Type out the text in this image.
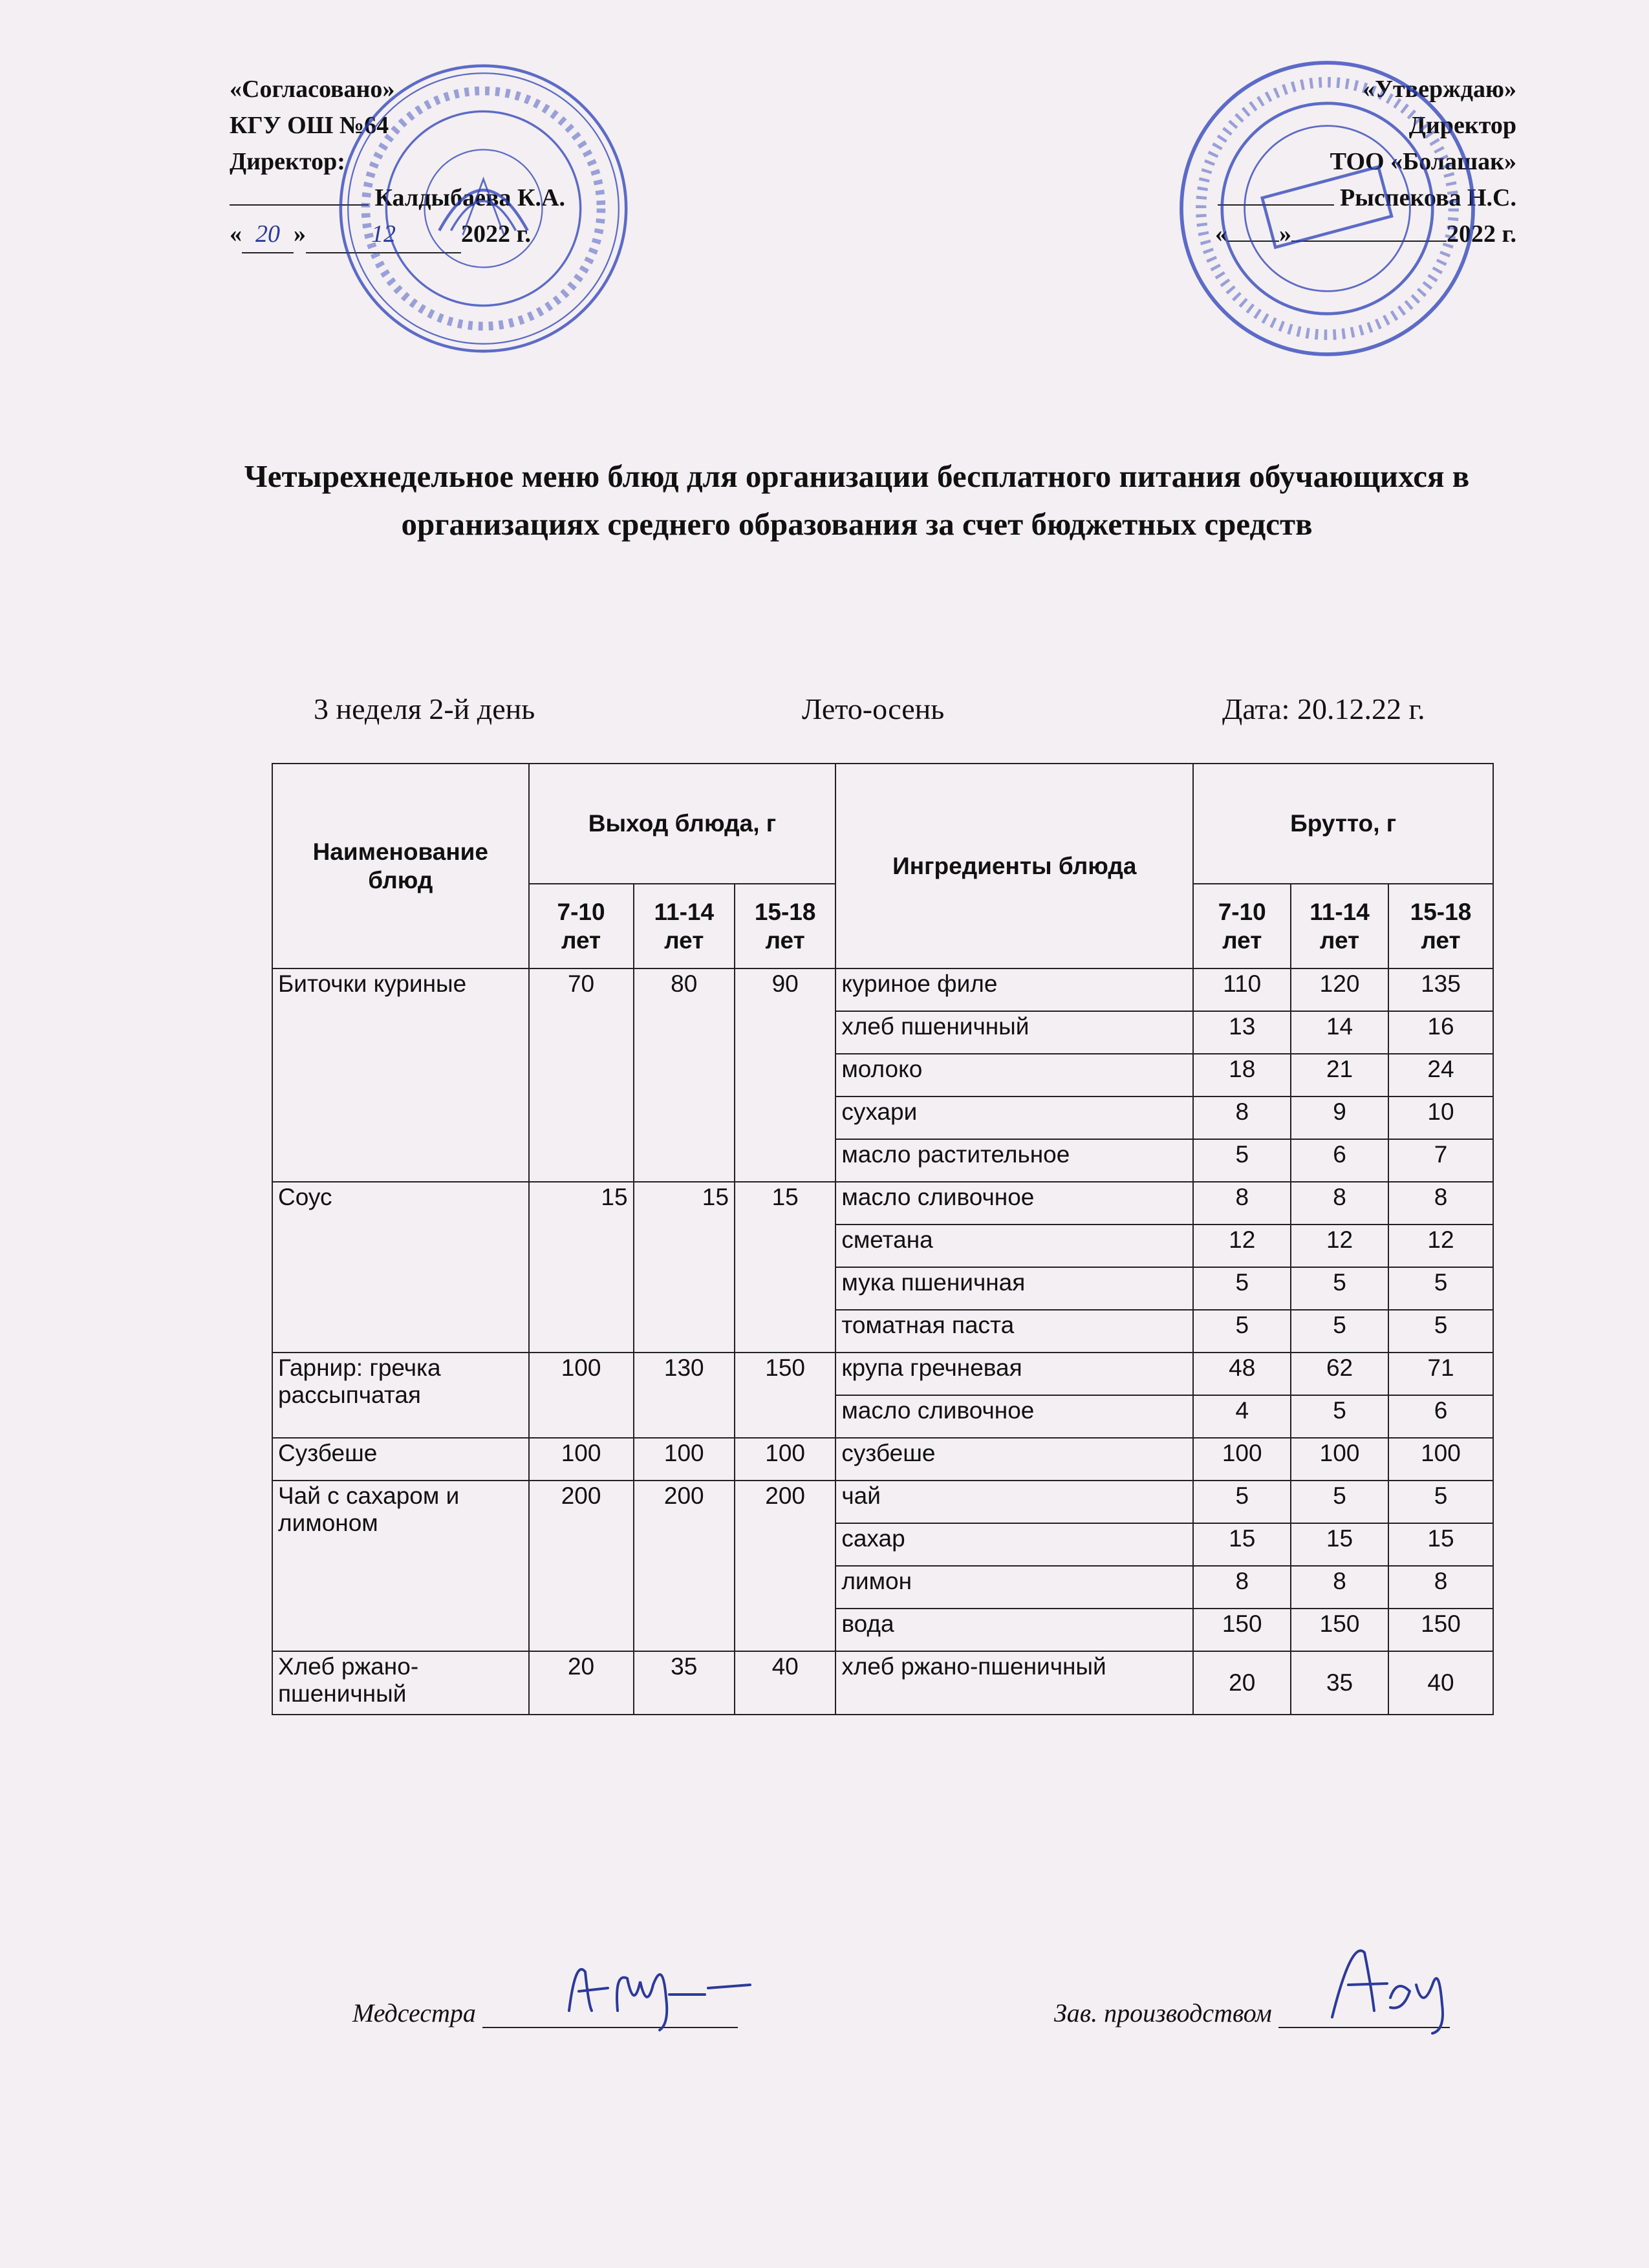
«Согласовано»
КГУ ОШ №64
Директор:
Калдыбаева К.А.
« 20 »	12	2022 г.
«Утверждаю»
Директор
ТОО «Болашак»
Рыспекова Н.С.
« »	2022 г.
Четырехнедельное меню блюд для организации бесплатного питания обучающихся в организациях среднего образования за счет бюджетных средств
3 неделя 2-й день	Лето-осень	Дата: 20.12.22 г.
Наименование блюд	Выход блюда, г			Ингредиенты блюда	Брутто, г		
	7-10 лет	11-14 лет	15-18 лет		7-10 лет	11-14 лет	15-18 лет
Биточки куриные	70	80	90	куриное филе	110	120	135
				хлеб пшеничный	13	14	16
				молоко	18	21	24
				сухари	8	9	10
				масло растительное	5	6	7
Соус	15	15	15	масло сливочное	8	8	8
				сметана	12	12	12
				мука пшеничная	5	5	5
				томатная паста	5	5	5
Гарнир: гречка рассыпчатая	100	130	150	крупа гречневая	48	62	71
				масло сливочное	4	5	6
Сузбеше	100	100	100	сузбеше	100	100	100
Чай с сахаром и лимоном	200	200	200	чай	5	5	5
				сахар	15	15	15
				лимон	8	8	8
				вода	150	150	150
Хлеб ржано-пшеничный	20	35	40	хлеб ржано-пшеничный	20	35	40
Медсестра	Зав. производством
